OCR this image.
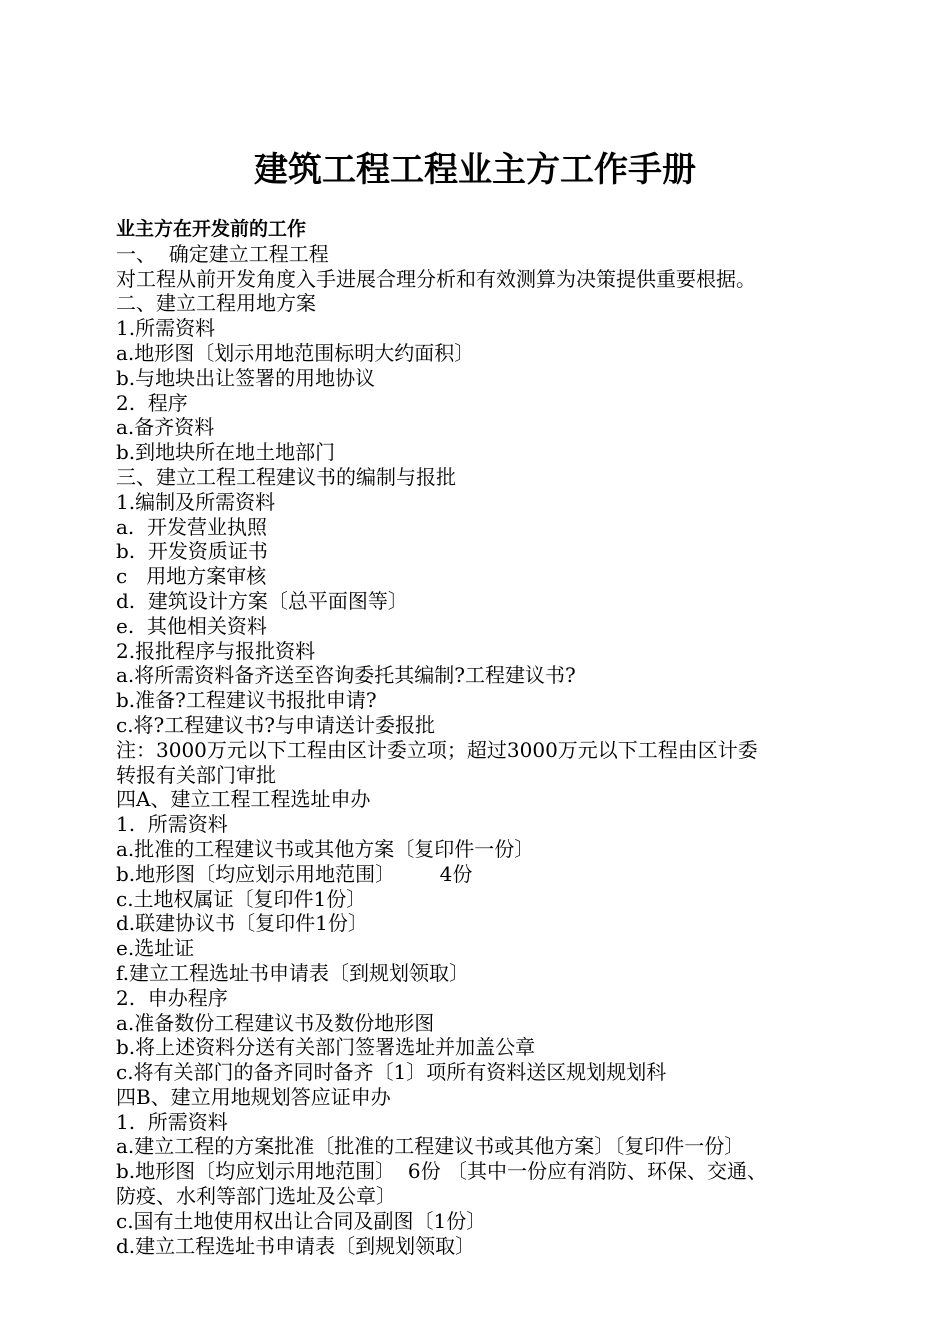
建筑工程工程业主方工作手册
业主方在开发前的工作
一、  确定建立工程工程
对工程从前开发角度入手进展合理分析和有效测算为决策提供重要根据。
二、建立工程用地方案
1.所需资料
a.地形图〔划示用地范围标明大约面积〕
b.与地块出让签署的用地协议
2.  程序
a.备齐资料
b.到地块所在地土地部门
三、建立工程工程建议书的编制与报批
1.编制及所需资料
a.  开发营业执照
b.  开发资质证书
c   用地方案审核
d.  建筑设计方案〔总平面图等〕
e.  其他相关资料
2.报批程序与报批资料
a.将所需资料备齐送至咨询委托其编制?工程建议书?
b.准备?工程建议书报批申请?
c.将?工程建议书?与申请送计委报批
注：3000万元以下工程由区计委立项；超过3000万元以下工程由区计委
转报有关部门审批
四A、建立工程工程选址申办
1.  所需资料
a.批准的工程建议书或其他方案〔复印件一份〕
b.地形图〔均应划示用地范围〕       4份
c.土地权属证〔复印件1份〕
d.联建协议书〔复印件1份〕
e.选址证
f.建立工程选址书申请表〔到规划领取〕
2.  申办程序
a.准备数份工程建议书及数份地形图
b.将上述资料分送有关部门签署选址并加盖公章
c.将有关部门的备齐同时备齐〔1〕项所有资料送区规划规划科
四B、建立用地规划答应证申办
1.  所需资料
a.建立工程的方案批准〔批准的工程建议书或其他方案〕〔复印件一份〕
b.地形图〔均应划示用地范围〕  6份 〔其中一份应有消防、环保、交通、
防疫、水利等部门选址及公章〕
c.国有土地使用权出让合同及副图〔1份〕
d.建立工程选址书申请表〔到规划领取〕
